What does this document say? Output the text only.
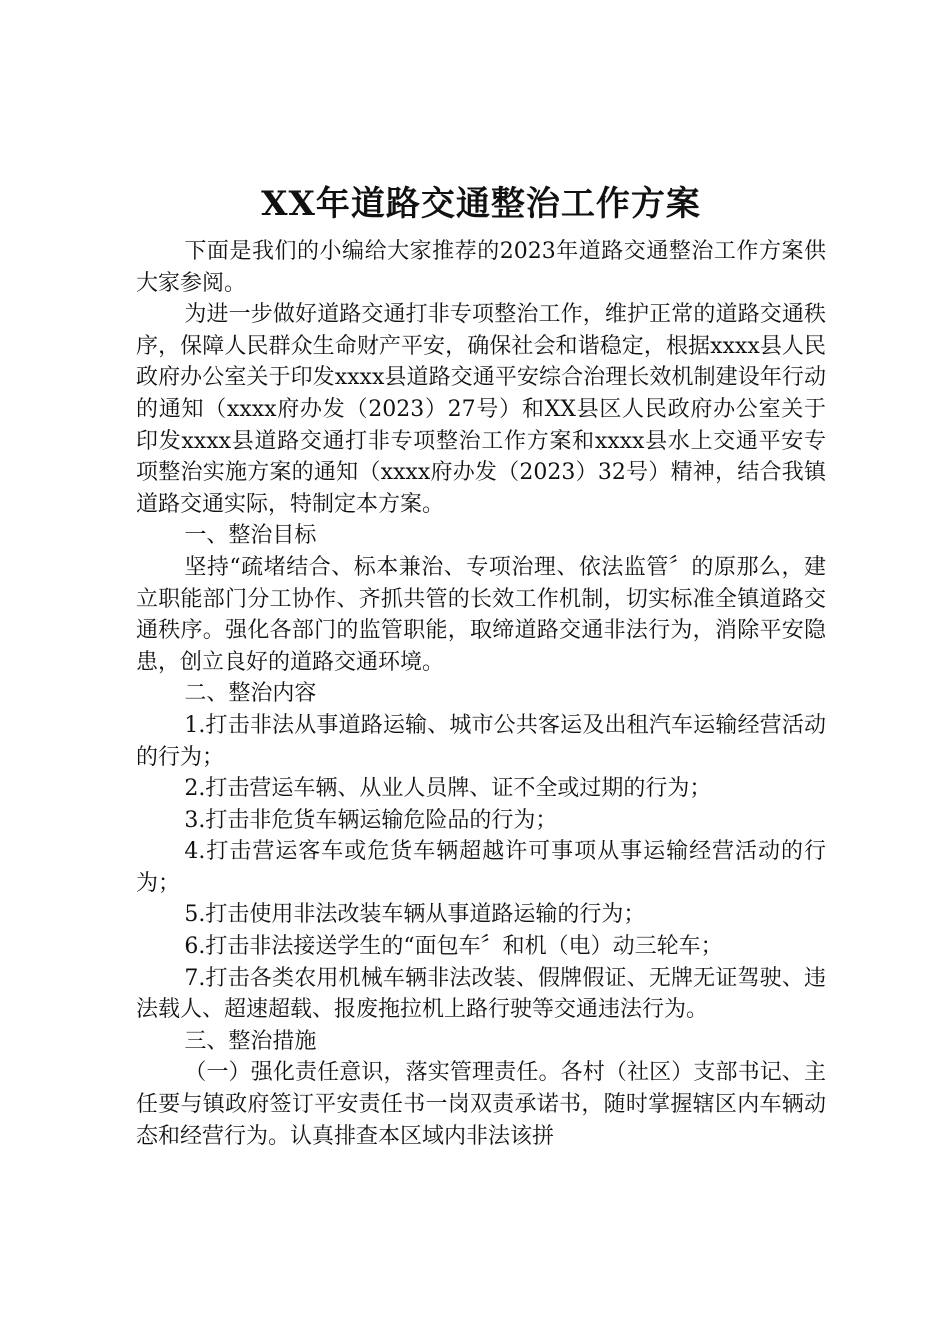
XX年道路交通整治工作方案

下面是我们的小编给大家推荐的2023年道路交通整治工作方案供大家参阅。

为进一步做好道路交通打非专项整治工作，维护正常的道路交通秩序，保障人民群众生命财产平安，确保社会和谐稳定，根据xxxx县人民政府办公室关于印发xxxx县道路交通平安综合治理长效机制建设年行动的通知（xxxx府办发（2023）27号）和XX县区人民政府办公室关于印发xxxx县道路交通打非专项整治工作方案和xxxx县水上交通平安专项整治实施方案的通知（xxxx府办发（2023）32号）精神，结合我镇道路交通实际，特制定本方案。

一、整治目标

坚持“疏堵结合、标本兼治、专项治理、依法监管〞的原那么，建立职能部门分工协作、齐抓共管的长效工作机制，切实标准全镇道路交通秩序。强化各部门的监管职能，取缔道路交通非法行为，消除平安隐患，创立良好的道路交通环境。

二、整治内容

1.打击非法从事道路运输、城市公共客运及出租汽车运输经营活动的行为；

2.打击营运车辆、从业人员牌、证不全或过期的行为；

3.打击非危货车辆运输危险品的行为；

4.打击营运客车或危货车辆超越许可事项从事运输经营活动的行为；

5.打击使用非法改装车辆从事道路运输的行为；

6.打击非法接送学生的“面包车〞和机（电）动三轮车；

7.打击各类农用机械车辆非法改装、假牌假证、无牌无证驾驶、违法载人、超速超载、报废拖拉机上路行驶等交通违法行为。

三、整治措施

（一）强化责任意识，落实管理责任。各村（社区）支部书记、主任要与镇政府签订平安责任书一岗双责承诺书，随时掌握辖区内车辆动态和经营行为。认真排查本区域内非法该拼
